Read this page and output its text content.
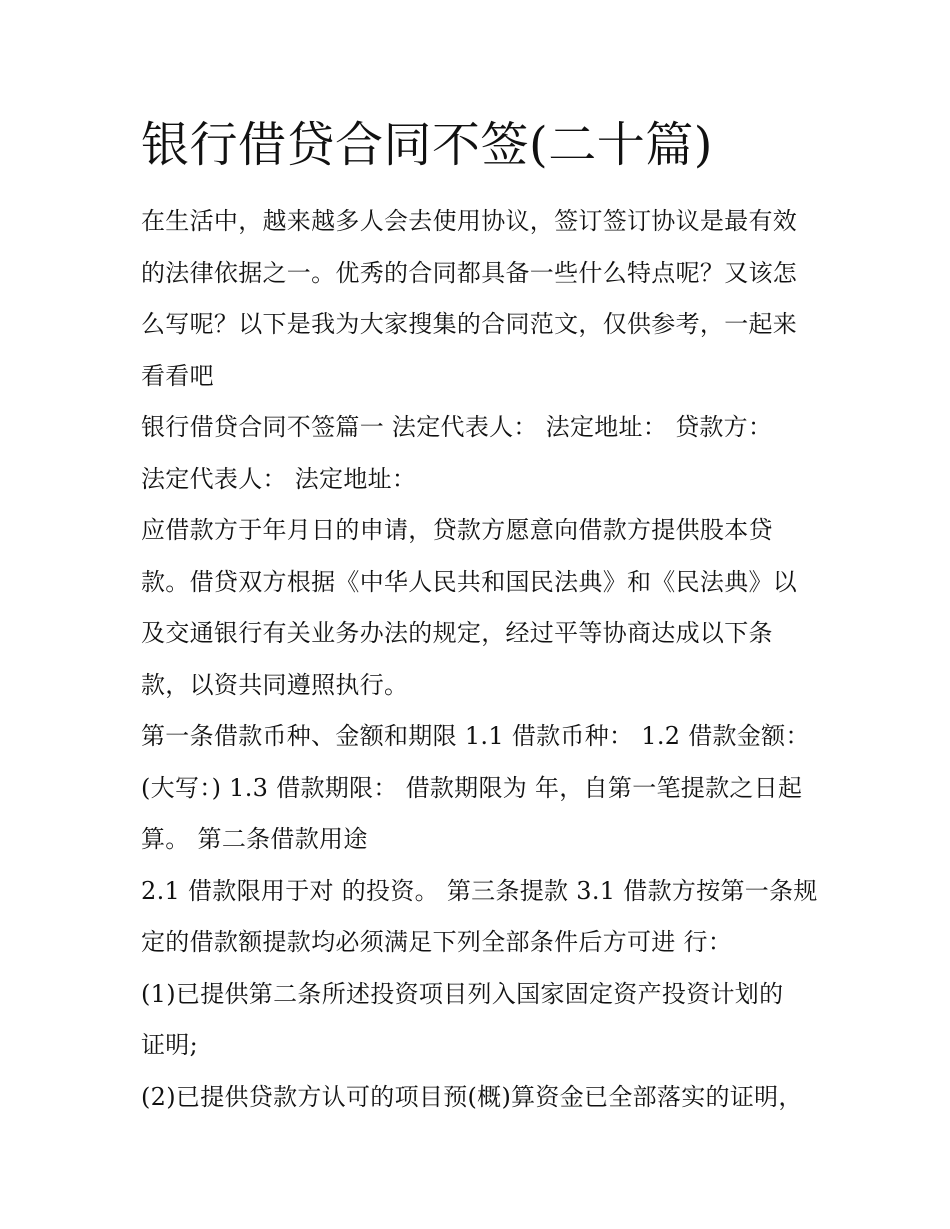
银行借贷合同不签(二十篇)
在生活中，越来越多人会去使用协议，签订签订协议是最有效
的法律依据之一。优秀的合同都具备一些什么特点呢？又该怎
么写呢？以下是我为大家搜集的合同范文，仅供参考，一起来
看看吧
银行借贷合同不签篇一 法定代表人： 法定地址： 贷款方：
法定代表人： 法定地址：
应借款方于年月日的申请，贷款方愿意向借款方提供股本贷
款。借贷双方根据《中华人民共和国民法典》和《民法典》以
及交通银行有关业务办法的规定，经过平等协商达成以下条
款，以资共同遵照执行。
第一条借款币种、金额和期限 1.1 借款币种： 1.2 借款金额：
(大写：) 1.3 借款期限： 借款期限为 年，自第一笔提款之日起
算。 第二条借款用途
2.1 借款限用于对 的投资。 第三条提款 3.1 借款方按第一条规
定的借款额提款均必须满足下列全部条件后方可进 行：
(1)已提供第二条所述投资项目列入国家固定资产投资计划的
证明;
(2)已提供贷款方认可的项目预(概)算资金已全部落实的证明，
